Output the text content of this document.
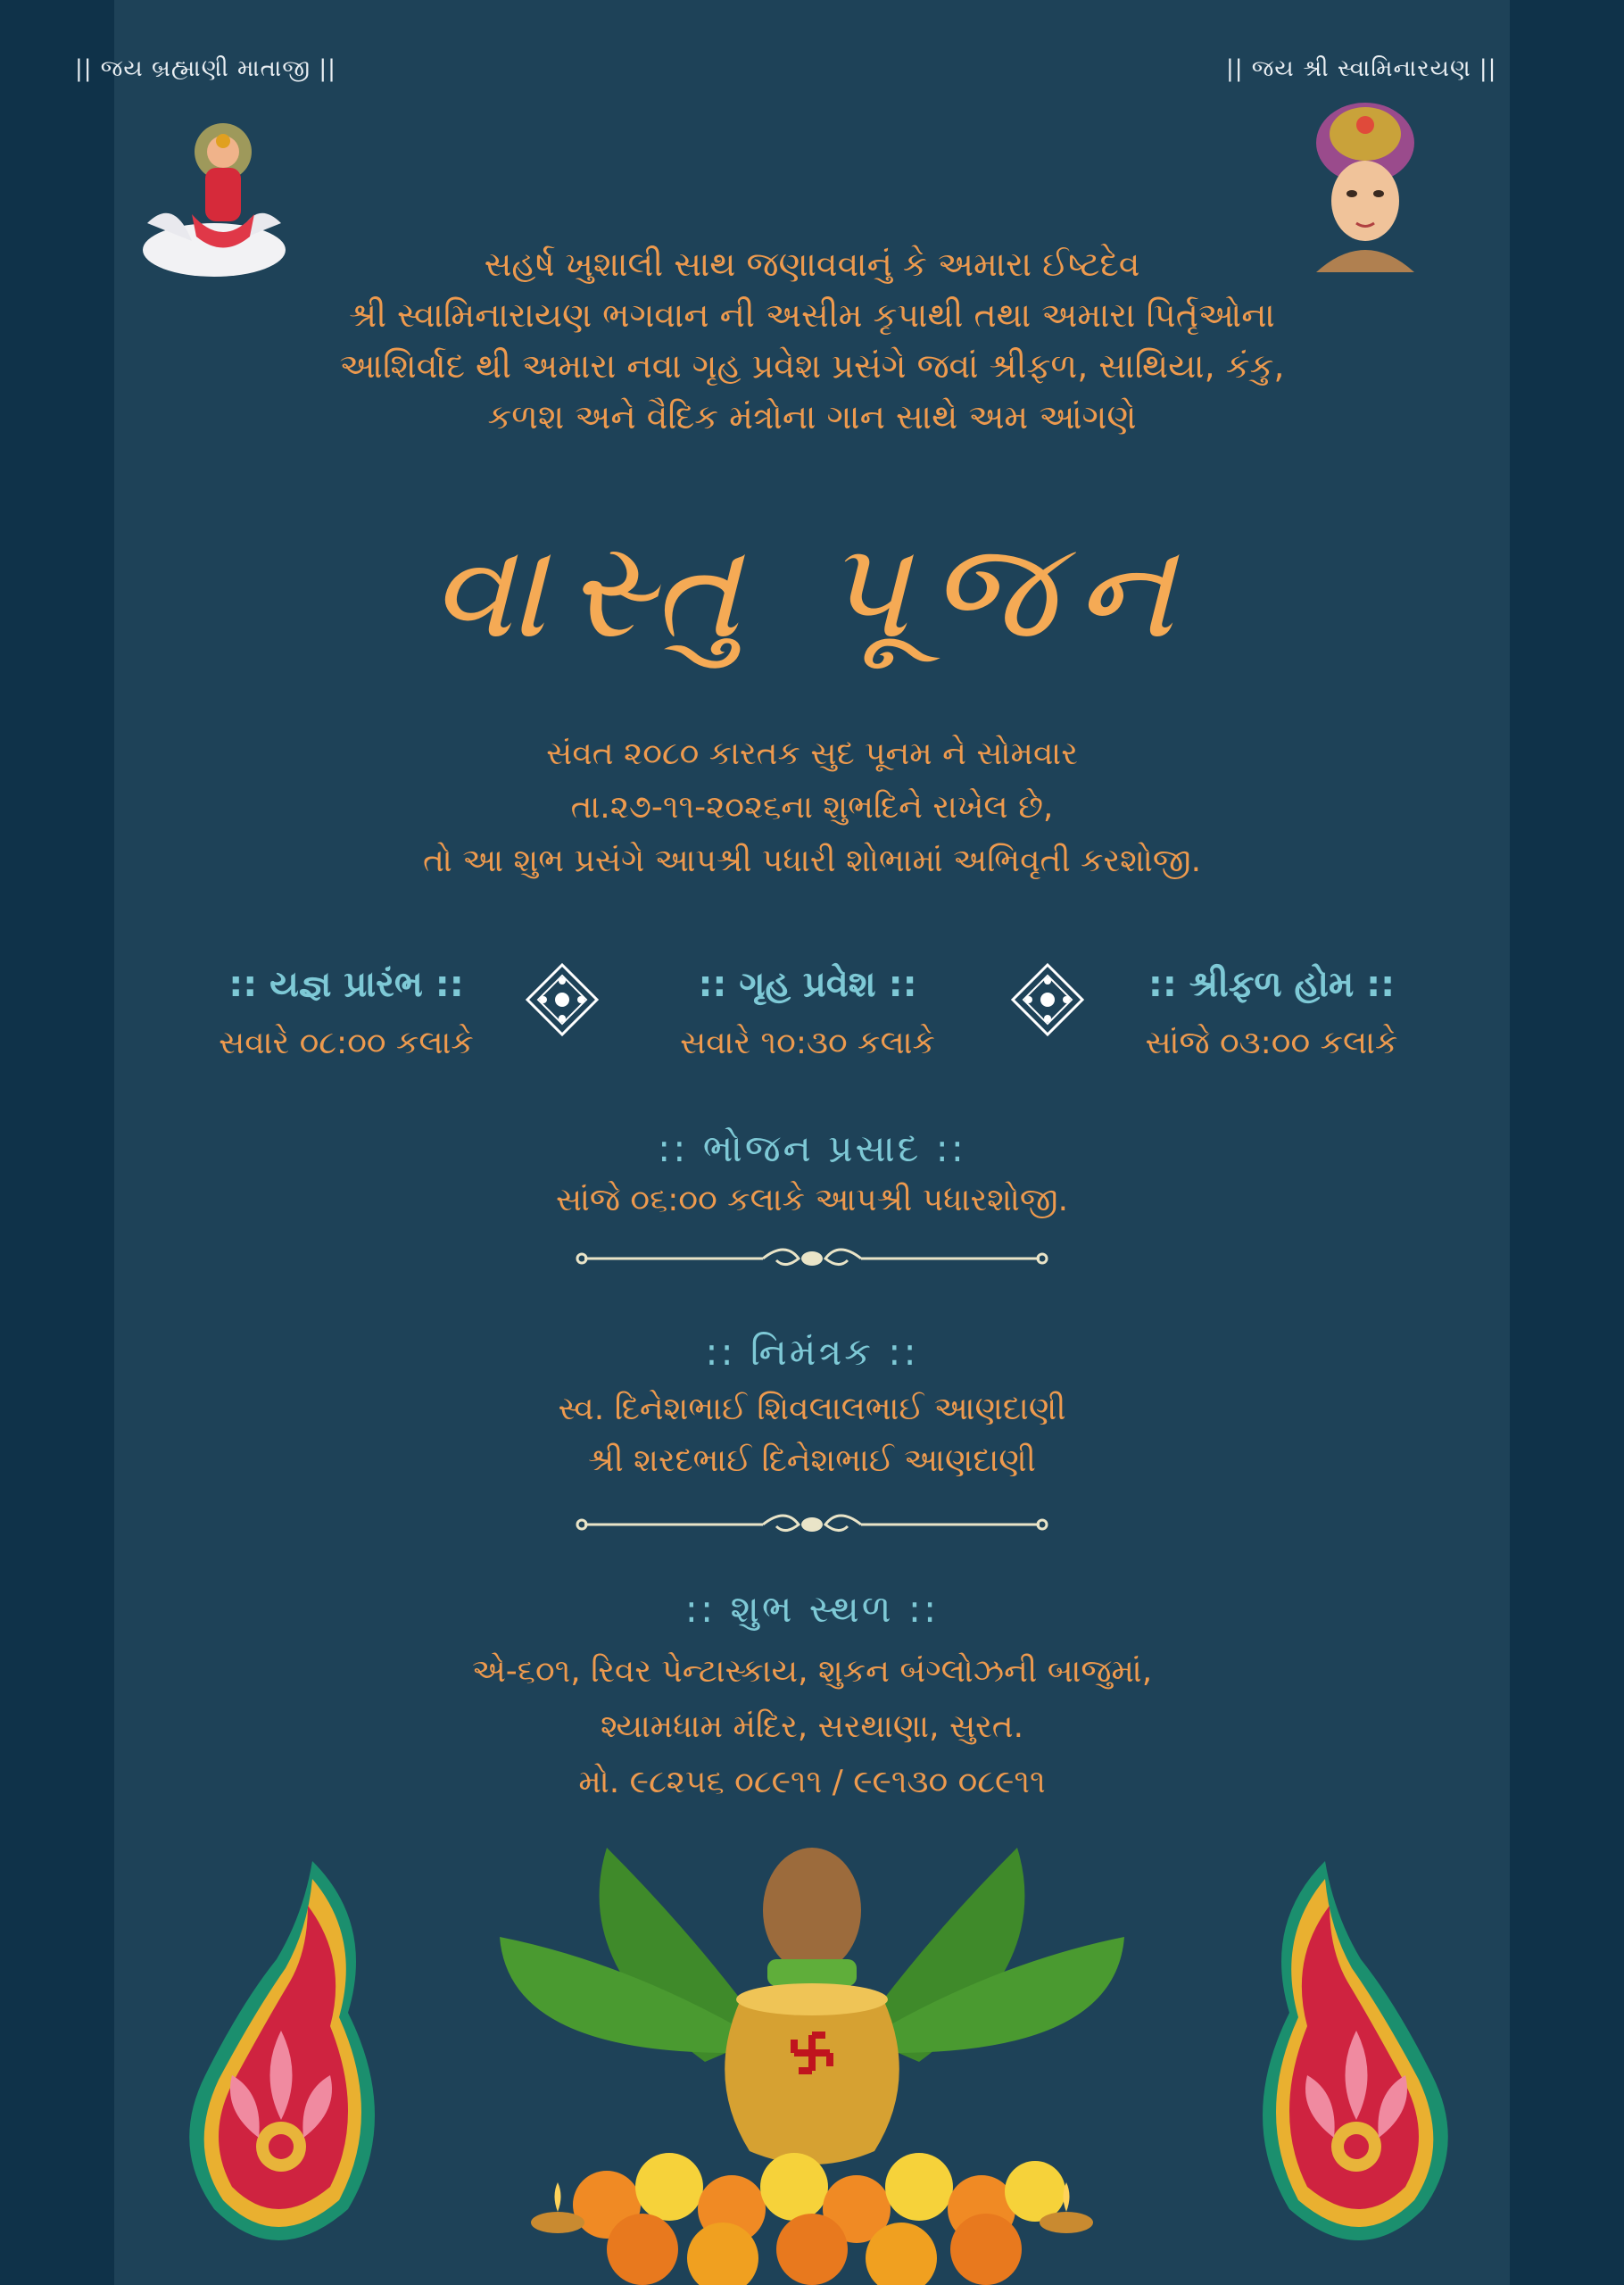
|| જય બ્રહ્માણી માતાજી ||	|| જય શ્રી સ્વામિનારયણ ||

સહર્ષ ખુશાલી સાથ જણાવવાનું કે અમારા ઈષ્ટદેવ

શ્રી સ્વામિનારાયણ ભગવાન ની અસીમ કૃપાથી તથા અમારા પિર્તૃઓના

આશિર્વાદ થી અમારા નવા ગૃહ પ્રવેશ પ્રસંગે જવાં શ્રીફળ, સાથિયા, કંકુ,

કળશ અને વૈદિક મંત્રોના ગાન સાથે અમ આંગણે

વાસ્તુ પૂજન

સંવત ૨૦૮૦ કારતક સુદ પૂનમ ને સોમવાર

તા.૨૭-૧૧-૨૦૨૬ના શુભદિને રાખેલ છે,

તો આ શુભ પ્રસંગે આપશ્રી પધારી શોભામાં અભિવૃતી કરશોજી.

:: યજ્ઞ પ્રારંભ ::
સવારે ૦૮:૦૦ કલાકે
:: ગૃહ પ્રવેશ ::
સવારે ૧૦:૩૦ કલાકે
:: શ્રીફળ હોમ ::
સાંજે ૦૩:૦૦ કલાકે
:: ભોજન પ્રસાદ ::
સાંજે ૦૬:૦૦ કલાકે આપશ્રી પધારશોજી.
:: નિમંત્રક ::
સ્વ. દિનેશભાઈ શિવલાલભાઈ આણદાણી
શ્રી શરદભાઈ દિનેશભાઈ આણદાણી
:: શુભ સ્થળ ::
એ-૬૦૧, રિવર પેન્ટાસ્કાય, શુકન બંગ્લોઝની બાજુમાં,
શ્યામધામ મંદિર, સરથાણા, સુરત.
મો. ૯૮૨૫૬ ૦૮૯૧૧ / ૯૯૧૩૦ ૦૮૯૧૧
